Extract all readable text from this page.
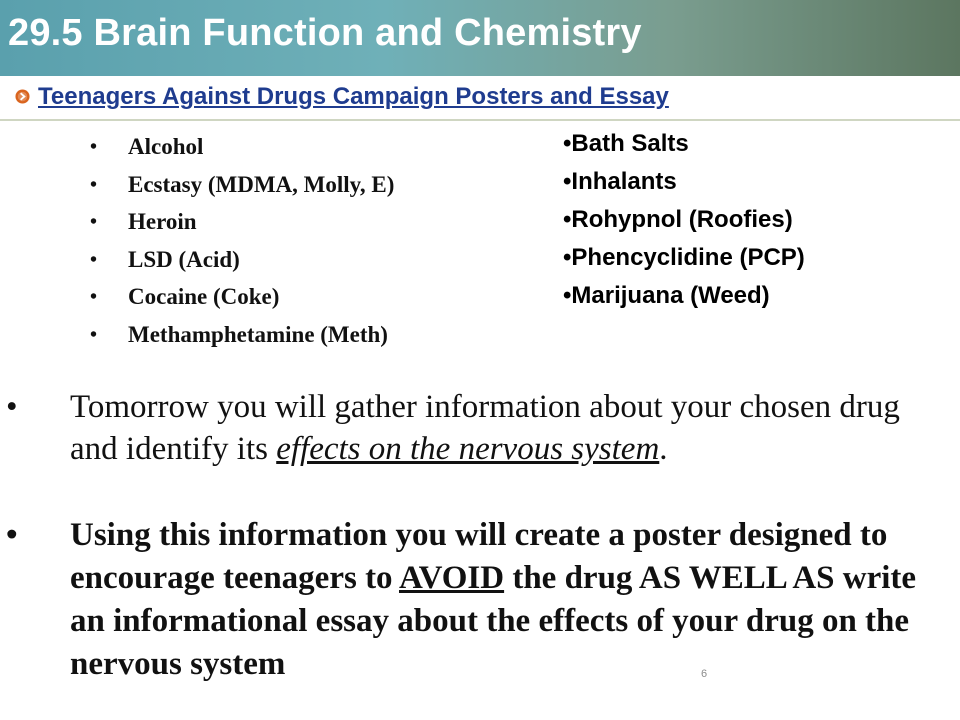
29.5 Brain Function and Chemistry
Teenagers Against Drugs Campaign Posters and Essay
• Alcohol
• Ecstasy (MDMA, Molly, E)
• Heroin
• LSD (Acid)
• Cocaine (Coke)
• Methamphetamine (Meth)
•Bath Salts
•Inhalants
•Rohypnol (Roofies)
•Phencyclidine (PCP)
•Marijuana (Weed)
•	Tomorrow you will gather information about your chosen drug and identify its effects on the nervous system.
•	Using this information you will create a poster designed to encourage teenagers to AVOID the drug AS WELL AS write an informational essay about the effects of your drug on the nervous system	6
